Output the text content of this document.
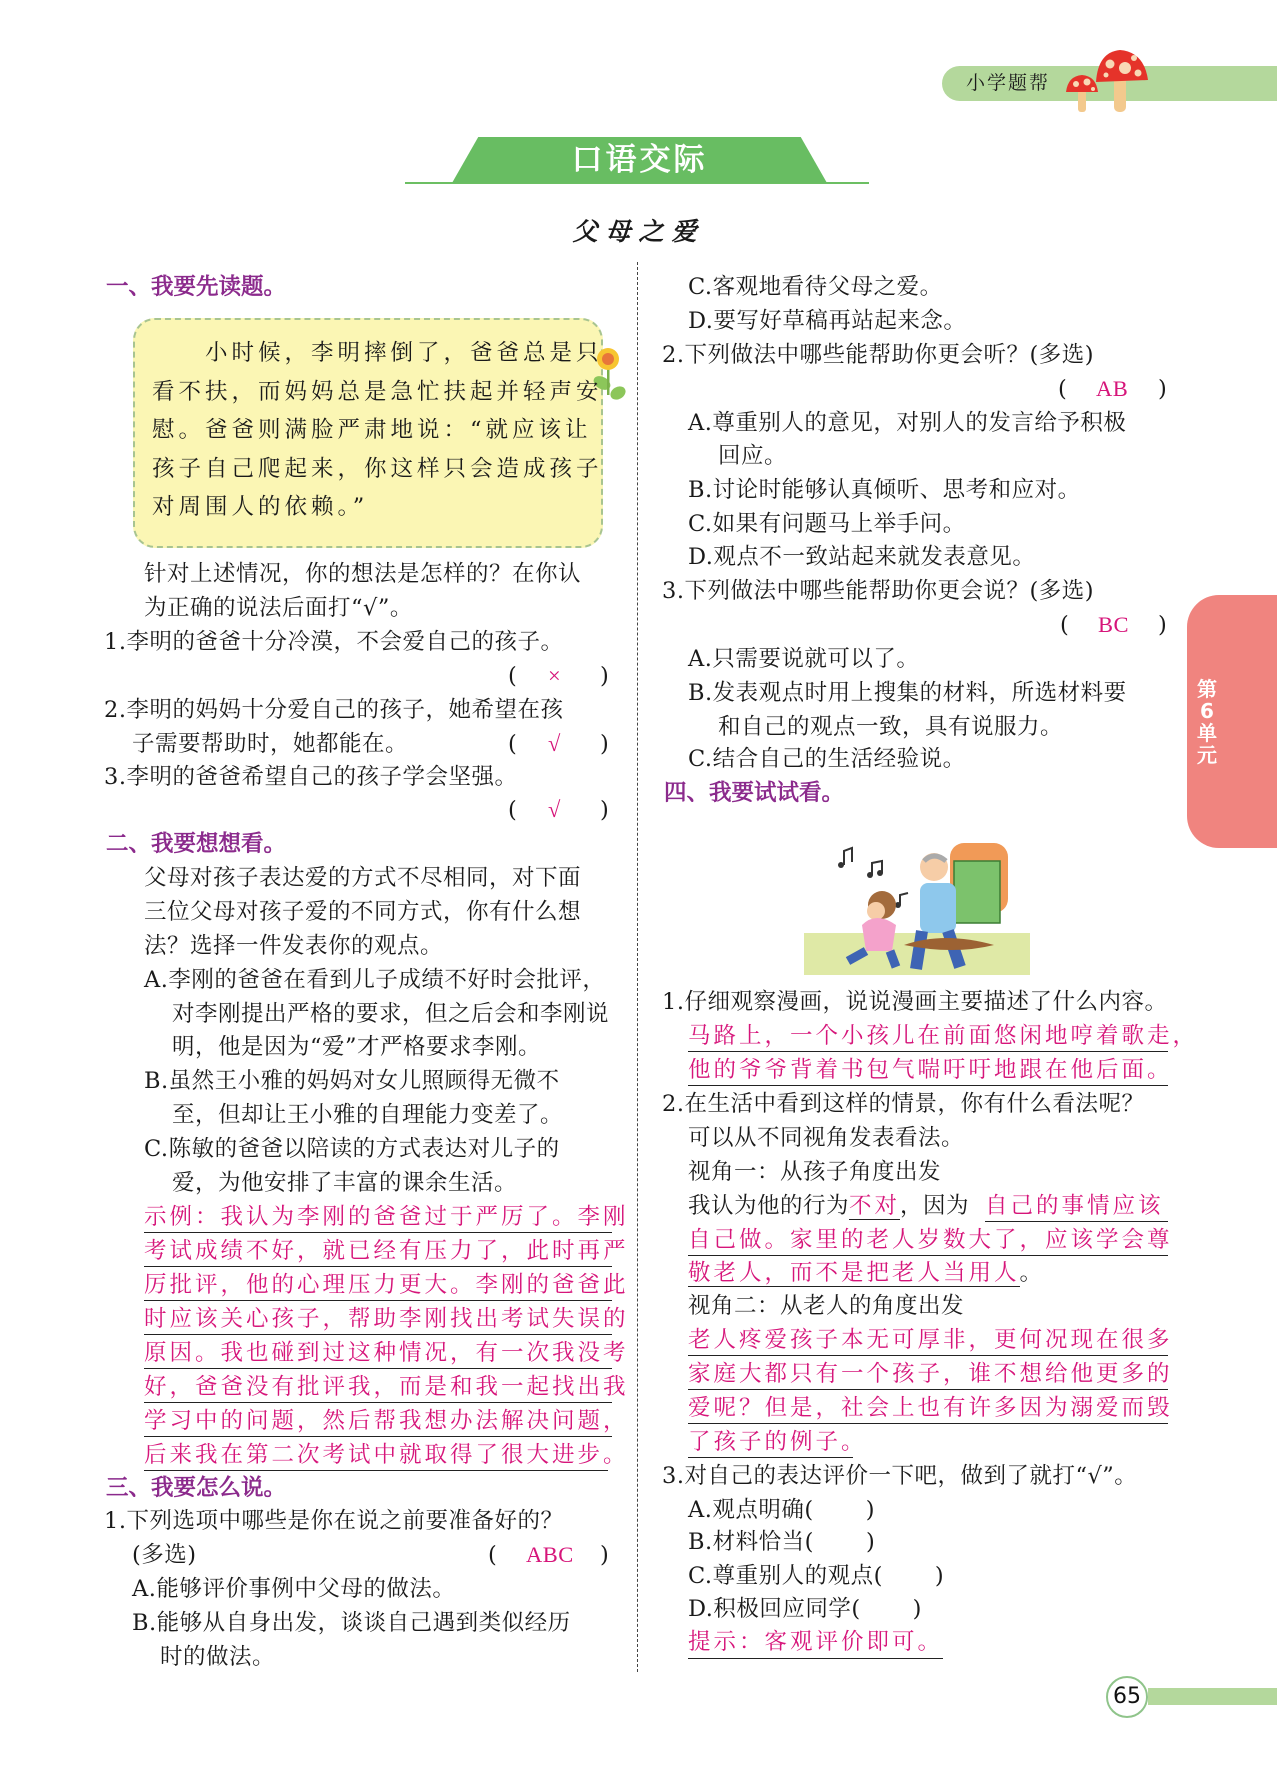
小学题帮
口语交际
父母之爱
第
6
单
元
一、我要先读题。
　　小时候，李明摔倒了，爸爸总是只
看不扶，而妈妈总是急忙扶起并轻声安
慰。爸爸则满脸严肃地说：“就应该让
孩子自己爬起来，你这样只会造成孩子
对周围人的依赖。”
针对上述情况，你的想法是怎样的？在你认
为正确的说法后面打“√”。
1.李明的爸爸十分冷漠，不会爱自己的孩子。
( × )
2.李明的妈妈十分爱自己的孩子，她希望在孩
子需要帮助时，她都能在。	( √ )
3.李明的爸爸希望自己的孩子学会坚强。
( √ )
二、我要想想看。
父母对孩子表达爱的方式不尽相同，对下面
三位父母对孩子爱的不同方式，你有什么想
法？选择一件发表你的观点。
A.李刚的爸爸在看到儿子成绩不好时会批评，
对李刚提出严格的要求，但之后会和李刚说
明，他是因为“爱”才严格要求李刚。
B.虽然王小雅的妈妈对女儿照顾得无微不
至，但却让王小雅的自理能力变差了。
C.陈敏的爸爸以陪读的方式表达对儿子的
爱，为他安排了丰富的课余生活。
示例：我认为李刚的爸爸过于严厉了。李刚
考试成绩不好，就已经有压力了，此时再严
厉批评，他的心理压力更大。李刚的爸爸此
时应该关心孩子，帮助李刚找出考试失误的
原因。我也碰到过这种情况，有一次我没考
好，爸爸没有批评我，而是和我一起找出我
学习中的问题，然后帮我想办法解决问题，
后来我在第二次考试中就取得了很大进步。
三、我要怎么说。
1.下列选项中哪些是你在说之前要准备好的？
(多选)	( ABC )
A.能够评价事例中父母的做法。
B.能够从自身出发，谈谈自己遇到类似经历
时的做法。
C.客观地看待父母之爱。
D.要写好草稿再站起来念。
2.下列做法中哪些能帮助你更会听？(多选)
( AB )
A.尊重别人的意见，对别人的发言给予积极
回应。
B.讨论时能够认真倾听、思考和应对。
C.如果有问题马上举手问。
D.观点不一致站起来就发表意见。
3.下列做法中哪些能帮助你更会说？(多选)
( BC )
A.只需要说就可以了。
B.发表观点时用上搜集的材料，所选材料要
和自己的观点一致，具有说服力。
C.结合自己的生活经验说。
四、我要试试看。
1.仔细观察漫画，说说漫画主要描述了什么内容。
马路上，一个小孩儿在前面悠闲地哼着歌走，
他的爷爷背着书包气喘吁吁地跟在他后面。
2.在生活中看到这样的情景，你有什么看法呢？
可以从不同视角发表看法。
视角一：从孩子角度出发
我认为他的行为不对，因为 自己的事情应该
自己做。家里的老人岁数大了，应该学会尊
敬老人，而不是把老人当用人。
视角二：从老人的角度出发
老人疼爱孩子本无可厚非，更何况现在很多
家庭大都只有一个孩子，谁不想给他更多的
爱呢？但是，社会上也有许多因为溺爱而毁
了孩子的例子。
3.对自己的表达评价一下吧，做到了就打“√”。
A.观点明确( )
B.材料恰当( )
C.尊重别人的观点( )
D.积极回应同学( )
提示：客观评价即可。
65
